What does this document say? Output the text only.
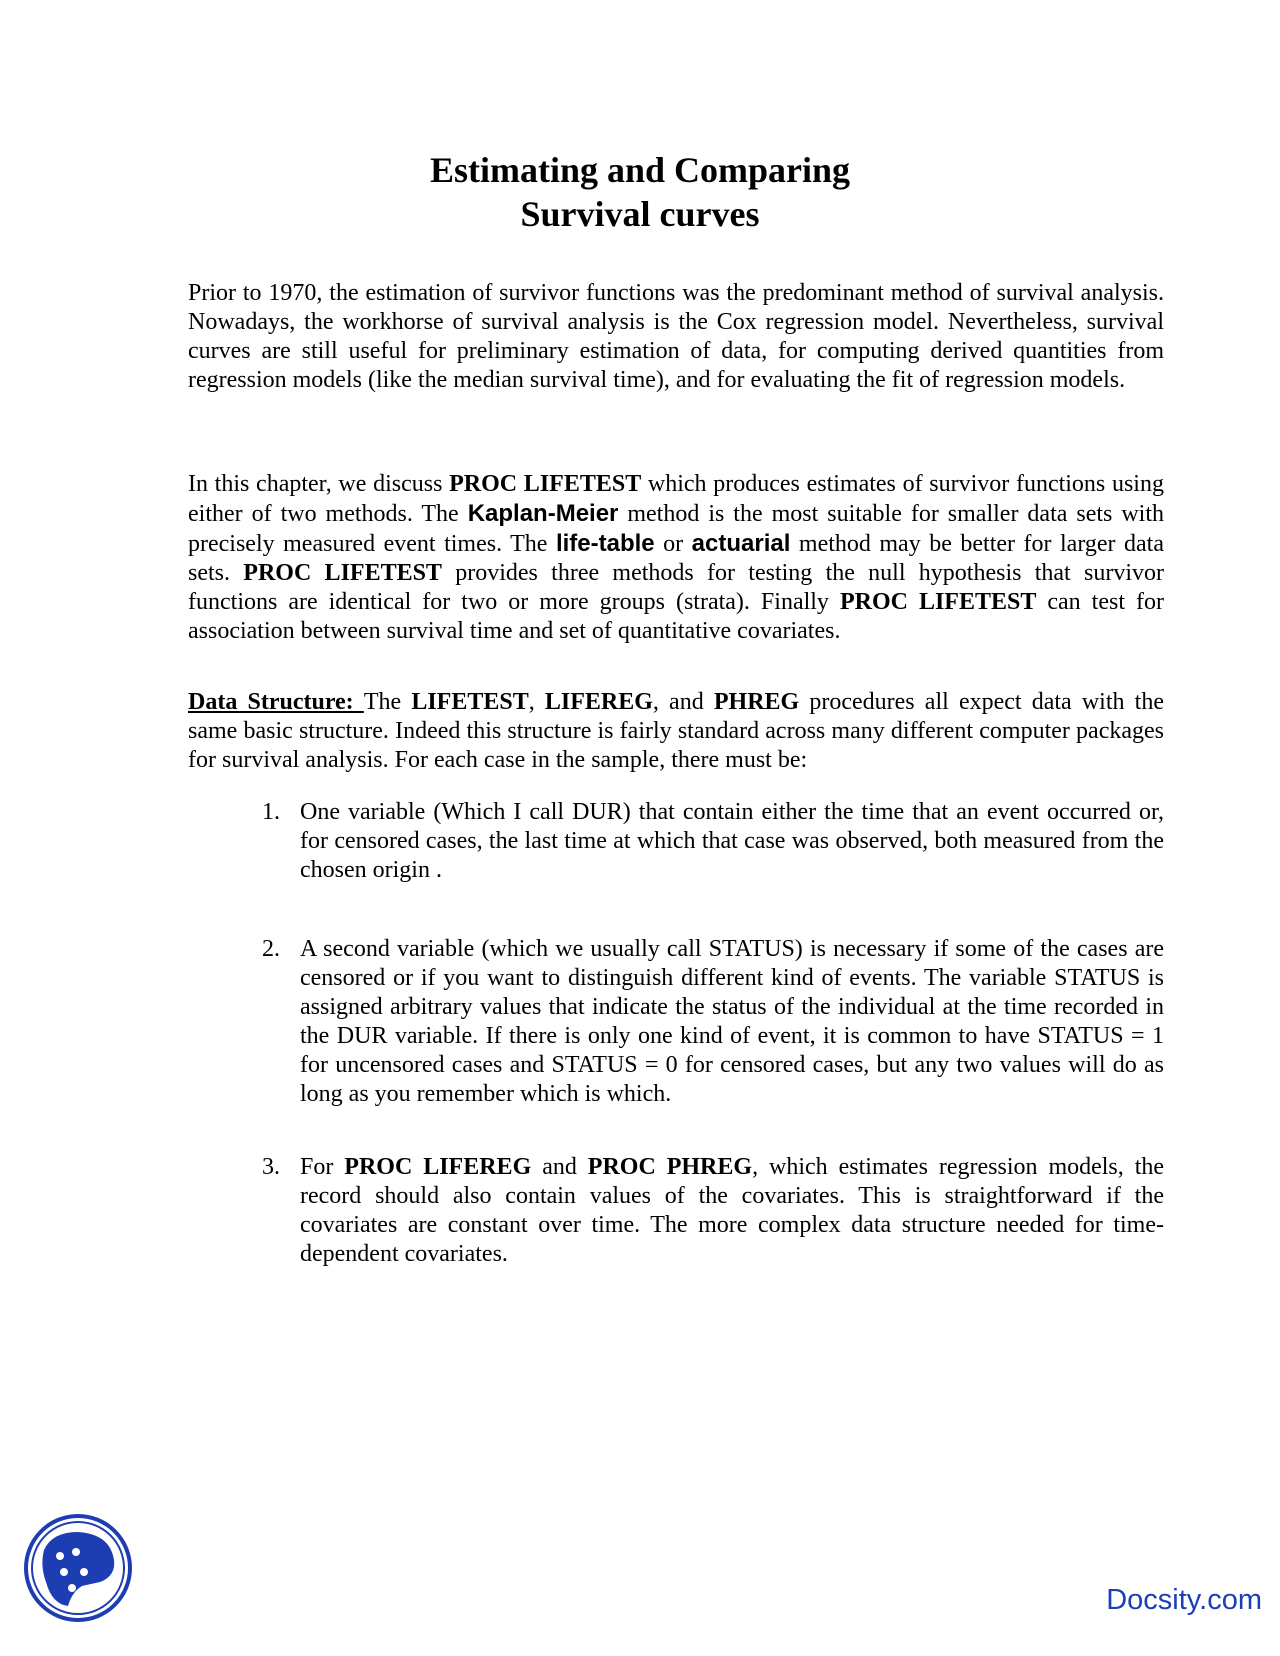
Estimating and Comparing
Survival curves
Prior to 1970, the estimation of survivor functions was the predominant method of survival analysis. Nowadays, the workhorse of survival analysis is the Cox regression model. Nevertheless, survival curves are still useful for preliminary estimation of data, for computing derived quantities from regression models (like the median survival time), and for evaluating the fit of regression models.
In this chapter, we discuss PROC LIFETEST which produces estimates of survivor functions using either of two methods. The Kaplan-Meier method is the most suitable for smaller data sets with precisely measured event times. The life-table or actuarial method may be better for larger data sets. PROC LIFETEST provides three methods for testing the null hypothesis that survivor functions are identical for two or more groups (strata). Finally PROC LIFETEST can test for association between survival time and set of quantitative covariates.
Data Structure: The LIFETEST, LIFEREG, and PHREG procedures all expect data with the same basic structure. Indeed this structure is fairly standard across many different computer packages for survival analysis. For each case in the sample, there must be:
1. One variable (Which I call DUR) that contain either the time that an event occurred or, for censored cases, the last time at which that case was observed, both measured from the chosen origin .
2. A second variable (which we usually call STATUS) is necessary if some of the cases are censored or if you want to distinguish different kind of events. The variable STATUS is assigned arbitrary values that indicate the status of the individual at the time recorded in the DUR variable. If there is only one kind of event, it is common to have STATUS = 1 for uncensored cases and STATUS = 0 for censored cases, but any two values will do as long as you remember which is which.
3. For PROC LIFEREG and PROC PHREG, which estimates regression models, the record should also contain values of the covariates. This is straightforward if the covariates are constant over time. The more complex data structure needed for time-dependent covariates.
Docsity.com
